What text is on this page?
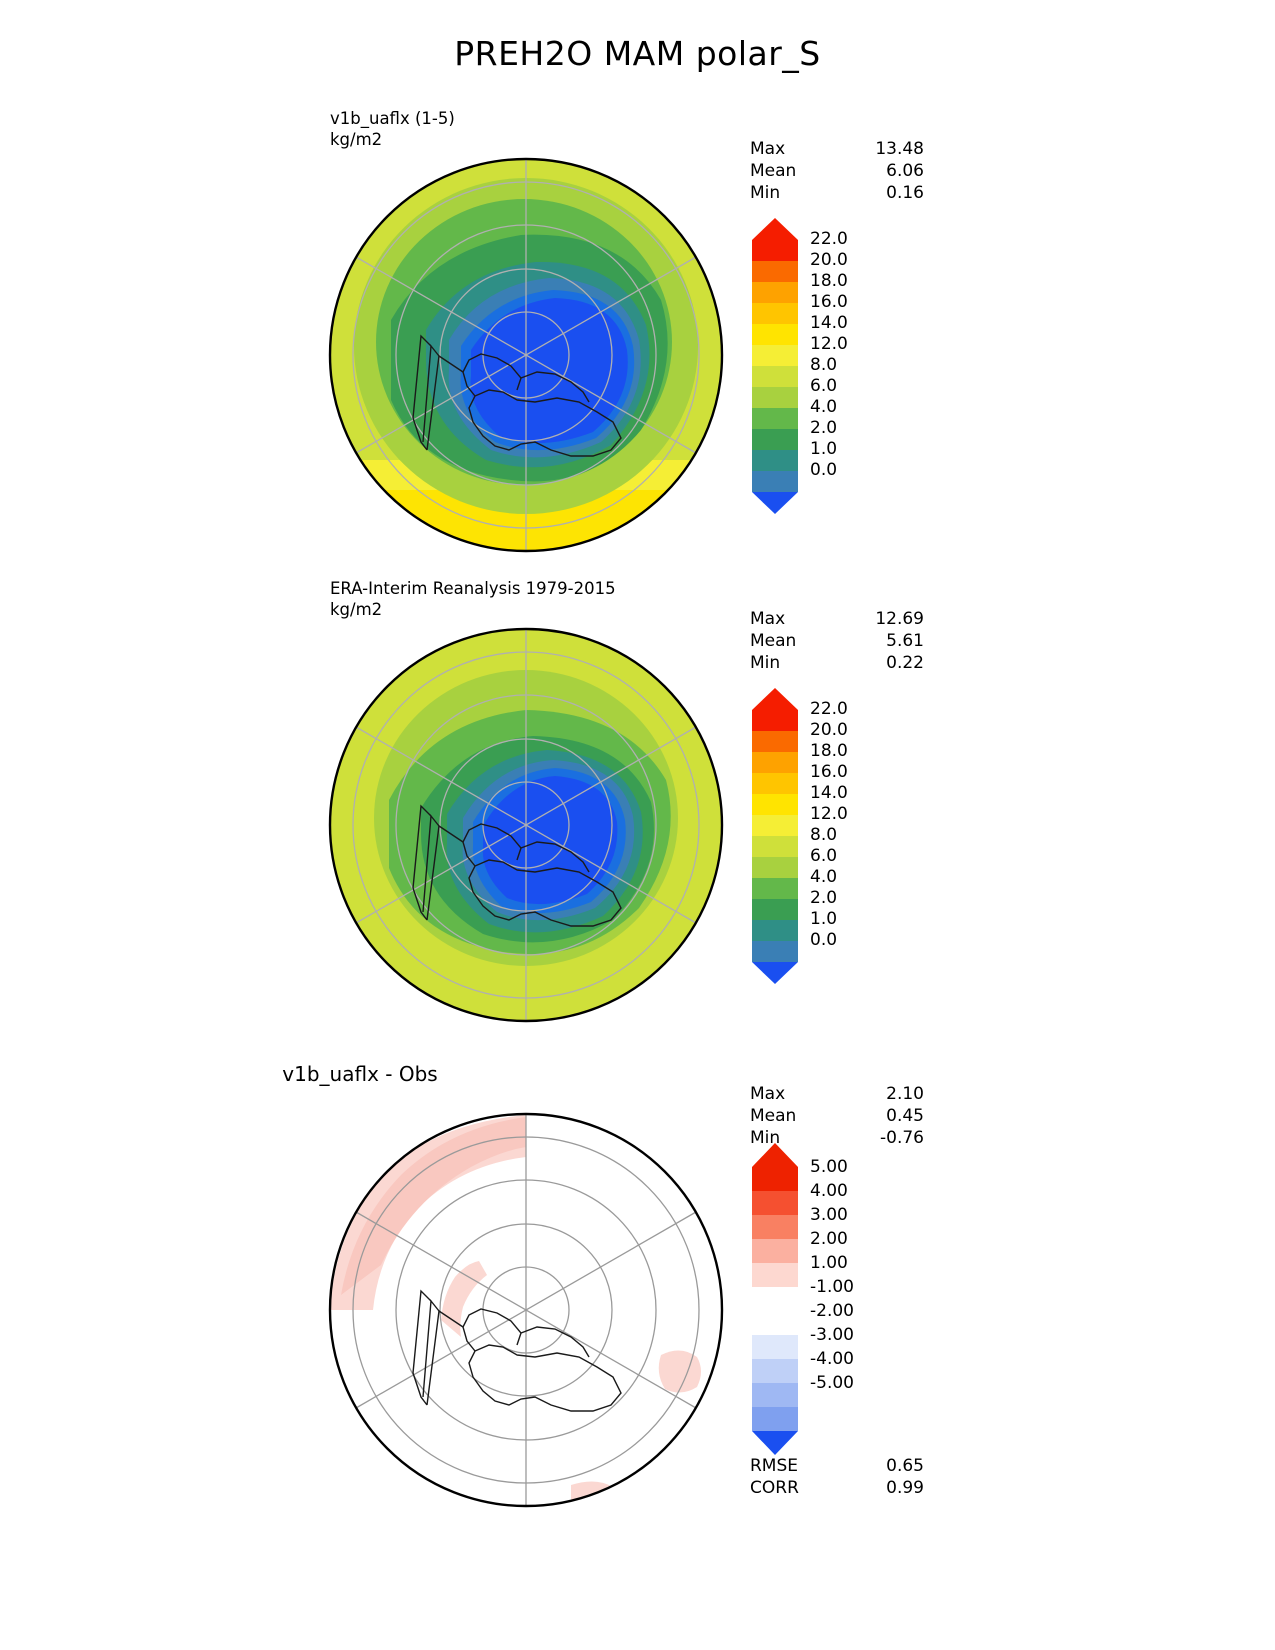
PREH2O MAM polar_S
v1b_uaflx (1-5)
kg/m2	Max	13.48
Mean	6.06
Min	0.16
22.0
20.0
18.0
16.0
14.0
12.0
8.0
6.0
4.0
2.0
1.0
0.0
ERA-Interim Reanalysis 1979-2015
kg/m2	Max	12.69
Mean	5.61
Min	0.22
22.0
20.0
18.0
16.0
14.0
12.0
8.0
6.0
4.0
2.0
1.0
0.0
v1b_uaflx - Obs
Max	2.10
Mean	0.45
Min	-0.76
5.00
4.00
3.00
2.00
1.00
-1.00
-2.00
-3.00
-4.00
-5.00
RMSE	0.65
CORR	0.99
